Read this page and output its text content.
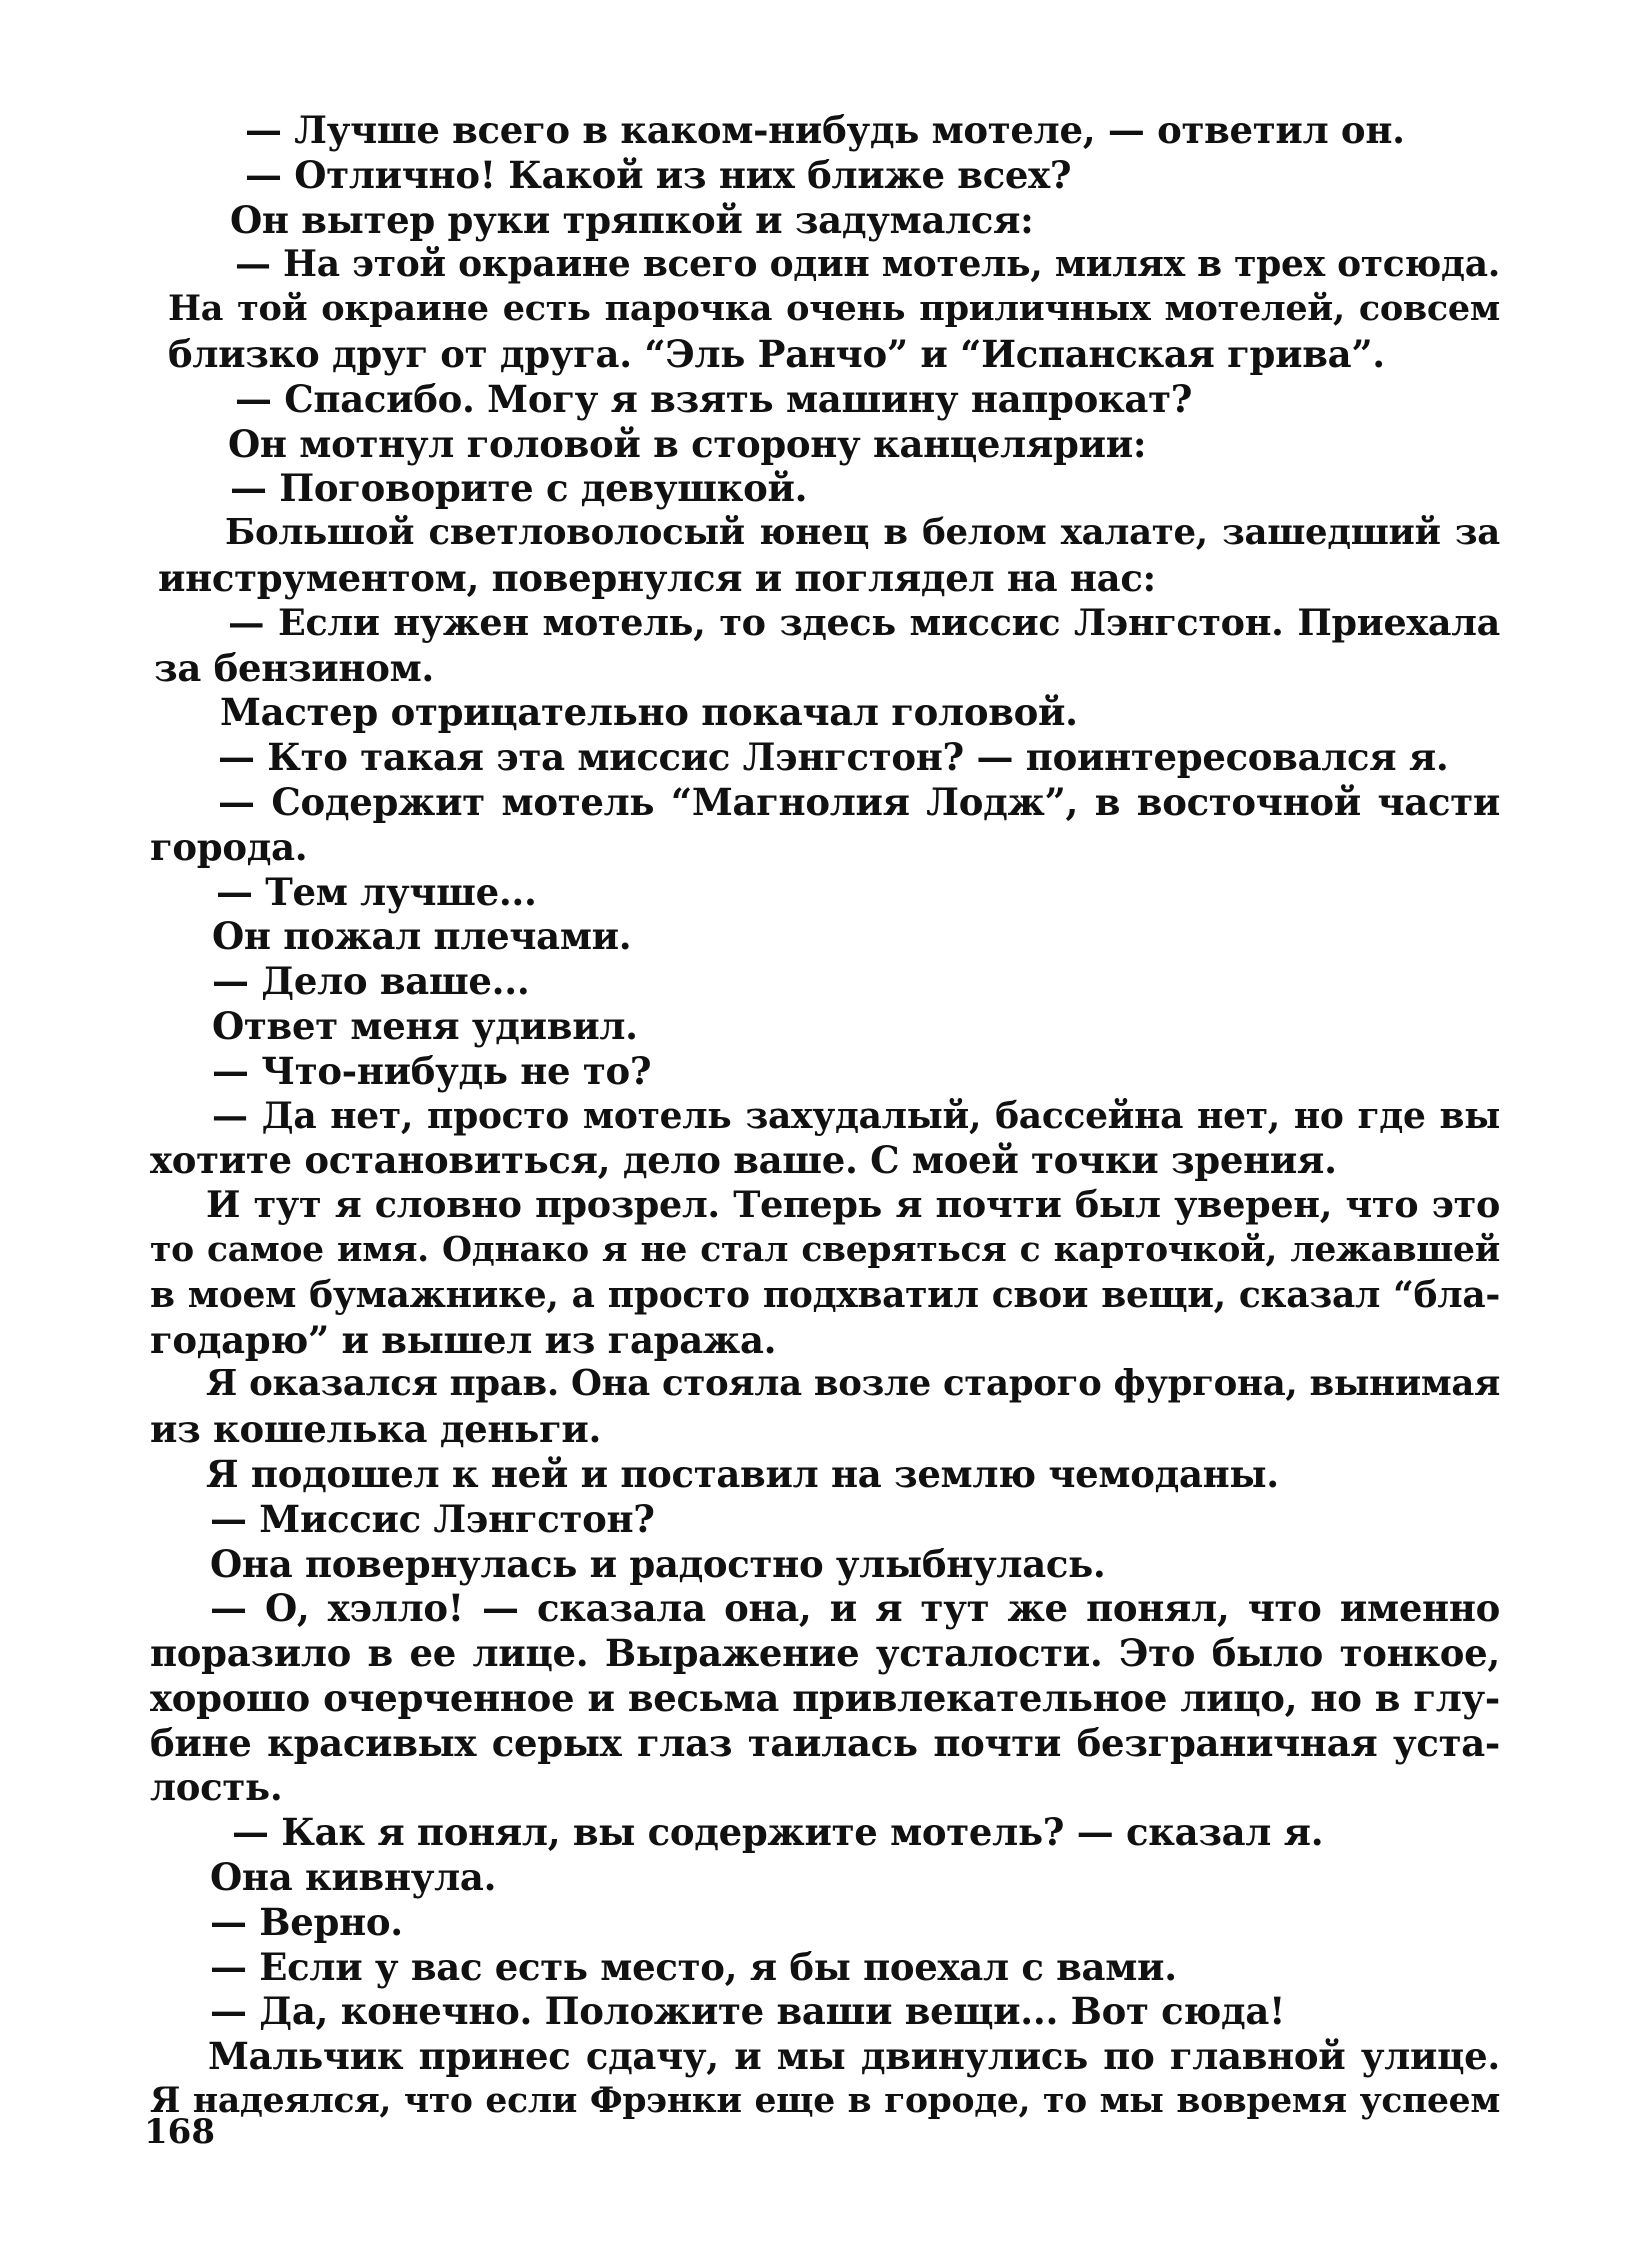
— Лучше всего в каком-нибудь мотеле, — ответил он.
— Отлично! Какой из них ближе всех?
Он вытер руки тряпкой и задумался:
— На этой окраине всего один мотель, милях в трех отсюда.
На той окраине есть парочка очень приличных мотелей, совсем
близко друг от друга. “Эль Ранчо” и “Испанская грива”.
— Спасибо. Могу я взять машину напрокат?
Он мотнул головой в сторону канцелярии:
— Поговорите с девушкой.
Большой светловолосый юнец в белом халате, зашедший за
инструментом, повернулся и поглядел на нас:
— Если нужен мотель, то здесь миссис Лэнгстон. Приехала
за бензином.
Мастер отрицательно покачал головой.
— Кто такая эта миссис Лэнгстон? — поинтересовался я.
— Содержит мотель “Магнолия Лодж”, в восточной части
города.
— Тем лучше...
Он пожал плечами.
— Дело ваше...
Ответ меня удивил.
— Что-нибудь не то?
— Да нет, просто мотель захудалый, бассейна нет, но где вы
хотите остановиться, дело ваше. С моей точки зрения.
И тут я словно прозрел. Теперь я почти был уверен, что это
то самое имя. Однако я не стал сверяться с карточкой, лежавшей
в моем бумажнике, а просто подхватил свои вещи, сказал “бла-
годарю” и вышел из гаража.
Я оказался прав. Она стояла возле старого фургона, вынимая
из кошелька деньги.
Я подошел к ней и поставил на землю чемоданы.
— Миссис Лэнгстон?
Она повернулась и радостно улыбнулась.
— О, хэлло! — сказала она, и я тут же понял, что именно
поразило в ее лице. Выражение усталости. Это было тонкое,
хорошо очерченное и весьма привлекательное лицо, но в глу-
бине красивых серых глаз таилась почти безграничная уста-
лость.
— Как я понял, вы содержите мотель? — сказал я.
Она кивнула.
— Верно.
— Если у вас есть место, я бы поехал с вами.
— Да, конечно. Положите ваши вещи... Вот сюда!
Мальчик принес сдачу, и мы двинулись по главной улице.
Я надеялся, что если Фрэнки еще в городе, то мы вовремя успеем
168
